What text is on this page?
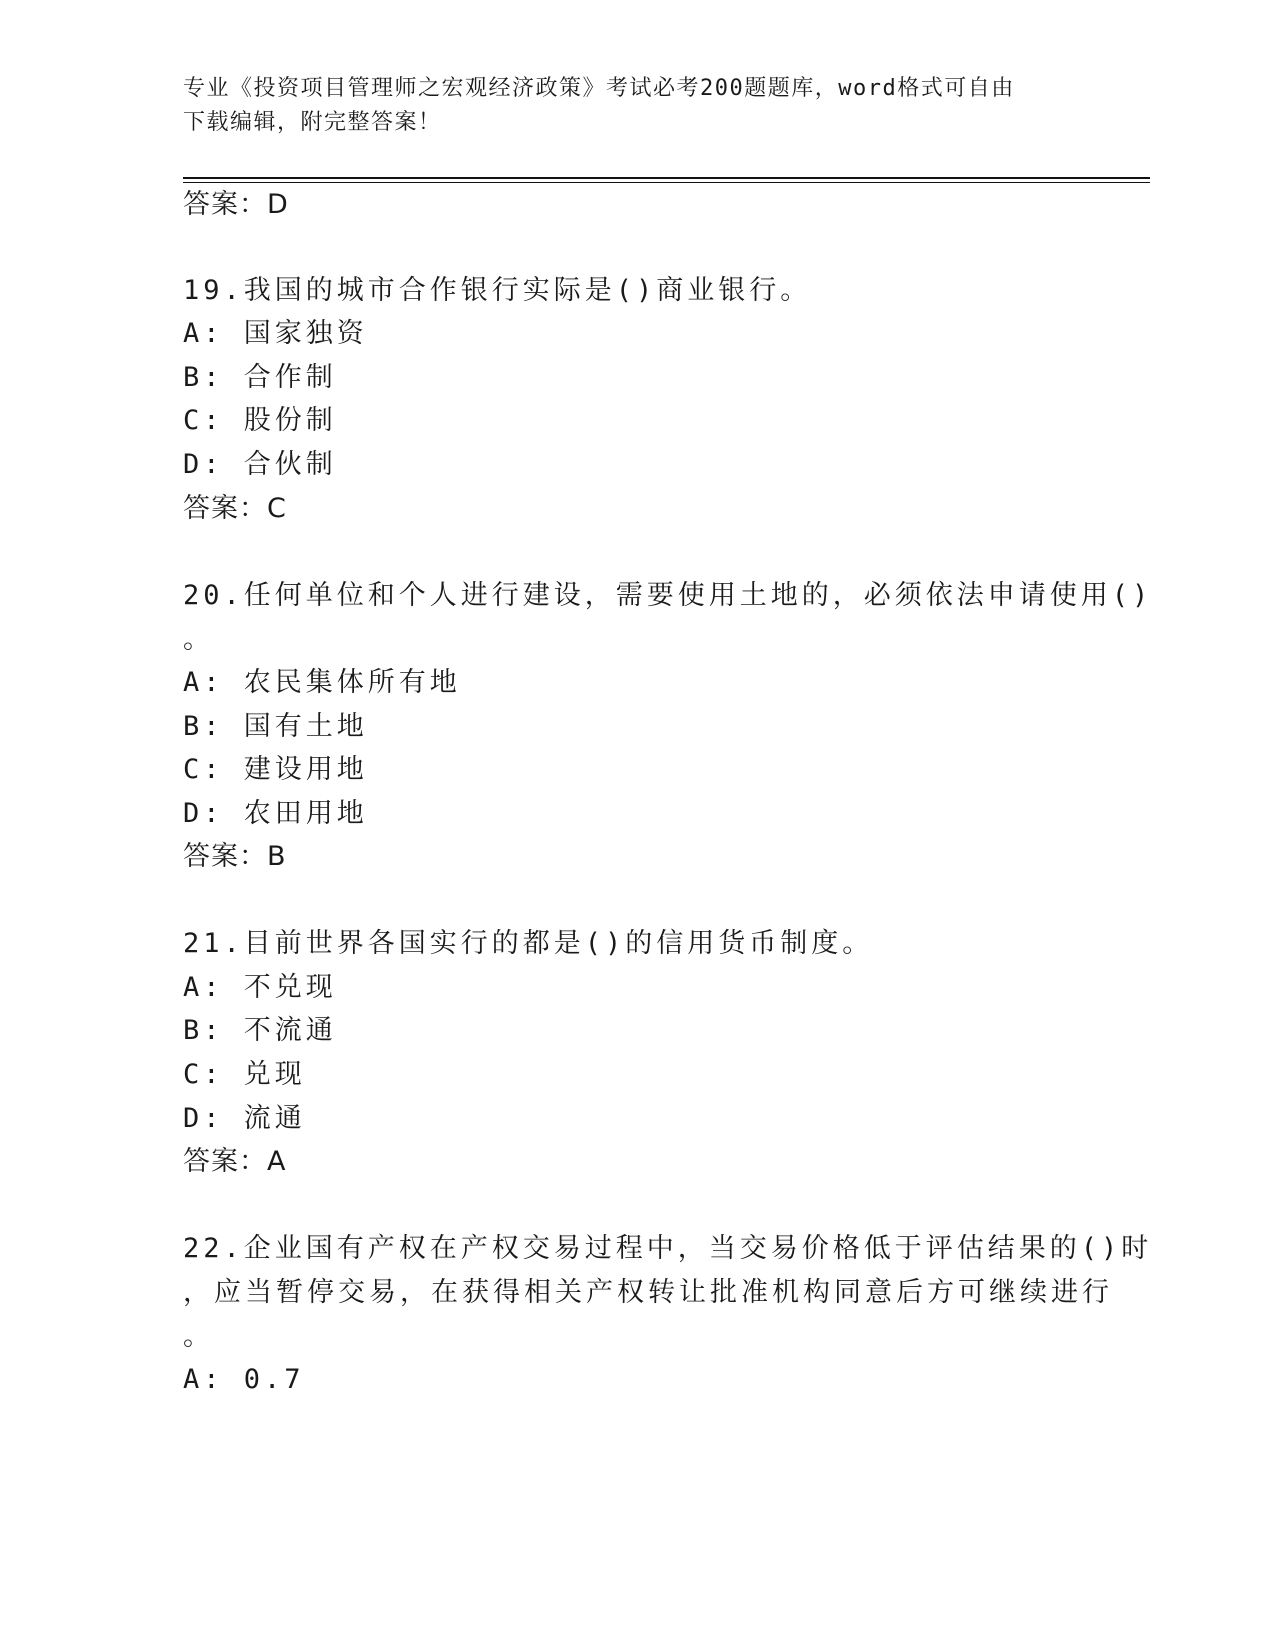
专业《投资项目管理师之宏观经济政策》考试必考200题题库，word格式可自由
下载编辑，附完整答案！
答案：D
19.我国的城市合作银行实际是()商业银行。
A: 国家独资
B: 合作制
C: 股份制
D: 合伙制
答案：C
20.任何单位和个人进行建设，需要使用土地的，必须依法申请使用()
。
A: 农民集体所有地
B: 国有土地
C: 建设用地
D: 农田用地
答案：B
21.目前世界各国实行的都是()的信用货币制度。
A: 不兑现
B: 不流通
C: 兑现
D: 流通
答案：A
22.企业国有产权在产权交易过程中，当交易价格低于评估结果的()时
，应当暂停交易，在获得相关产权转让批准机构同意后方可继续进行
。
A: 0.7
